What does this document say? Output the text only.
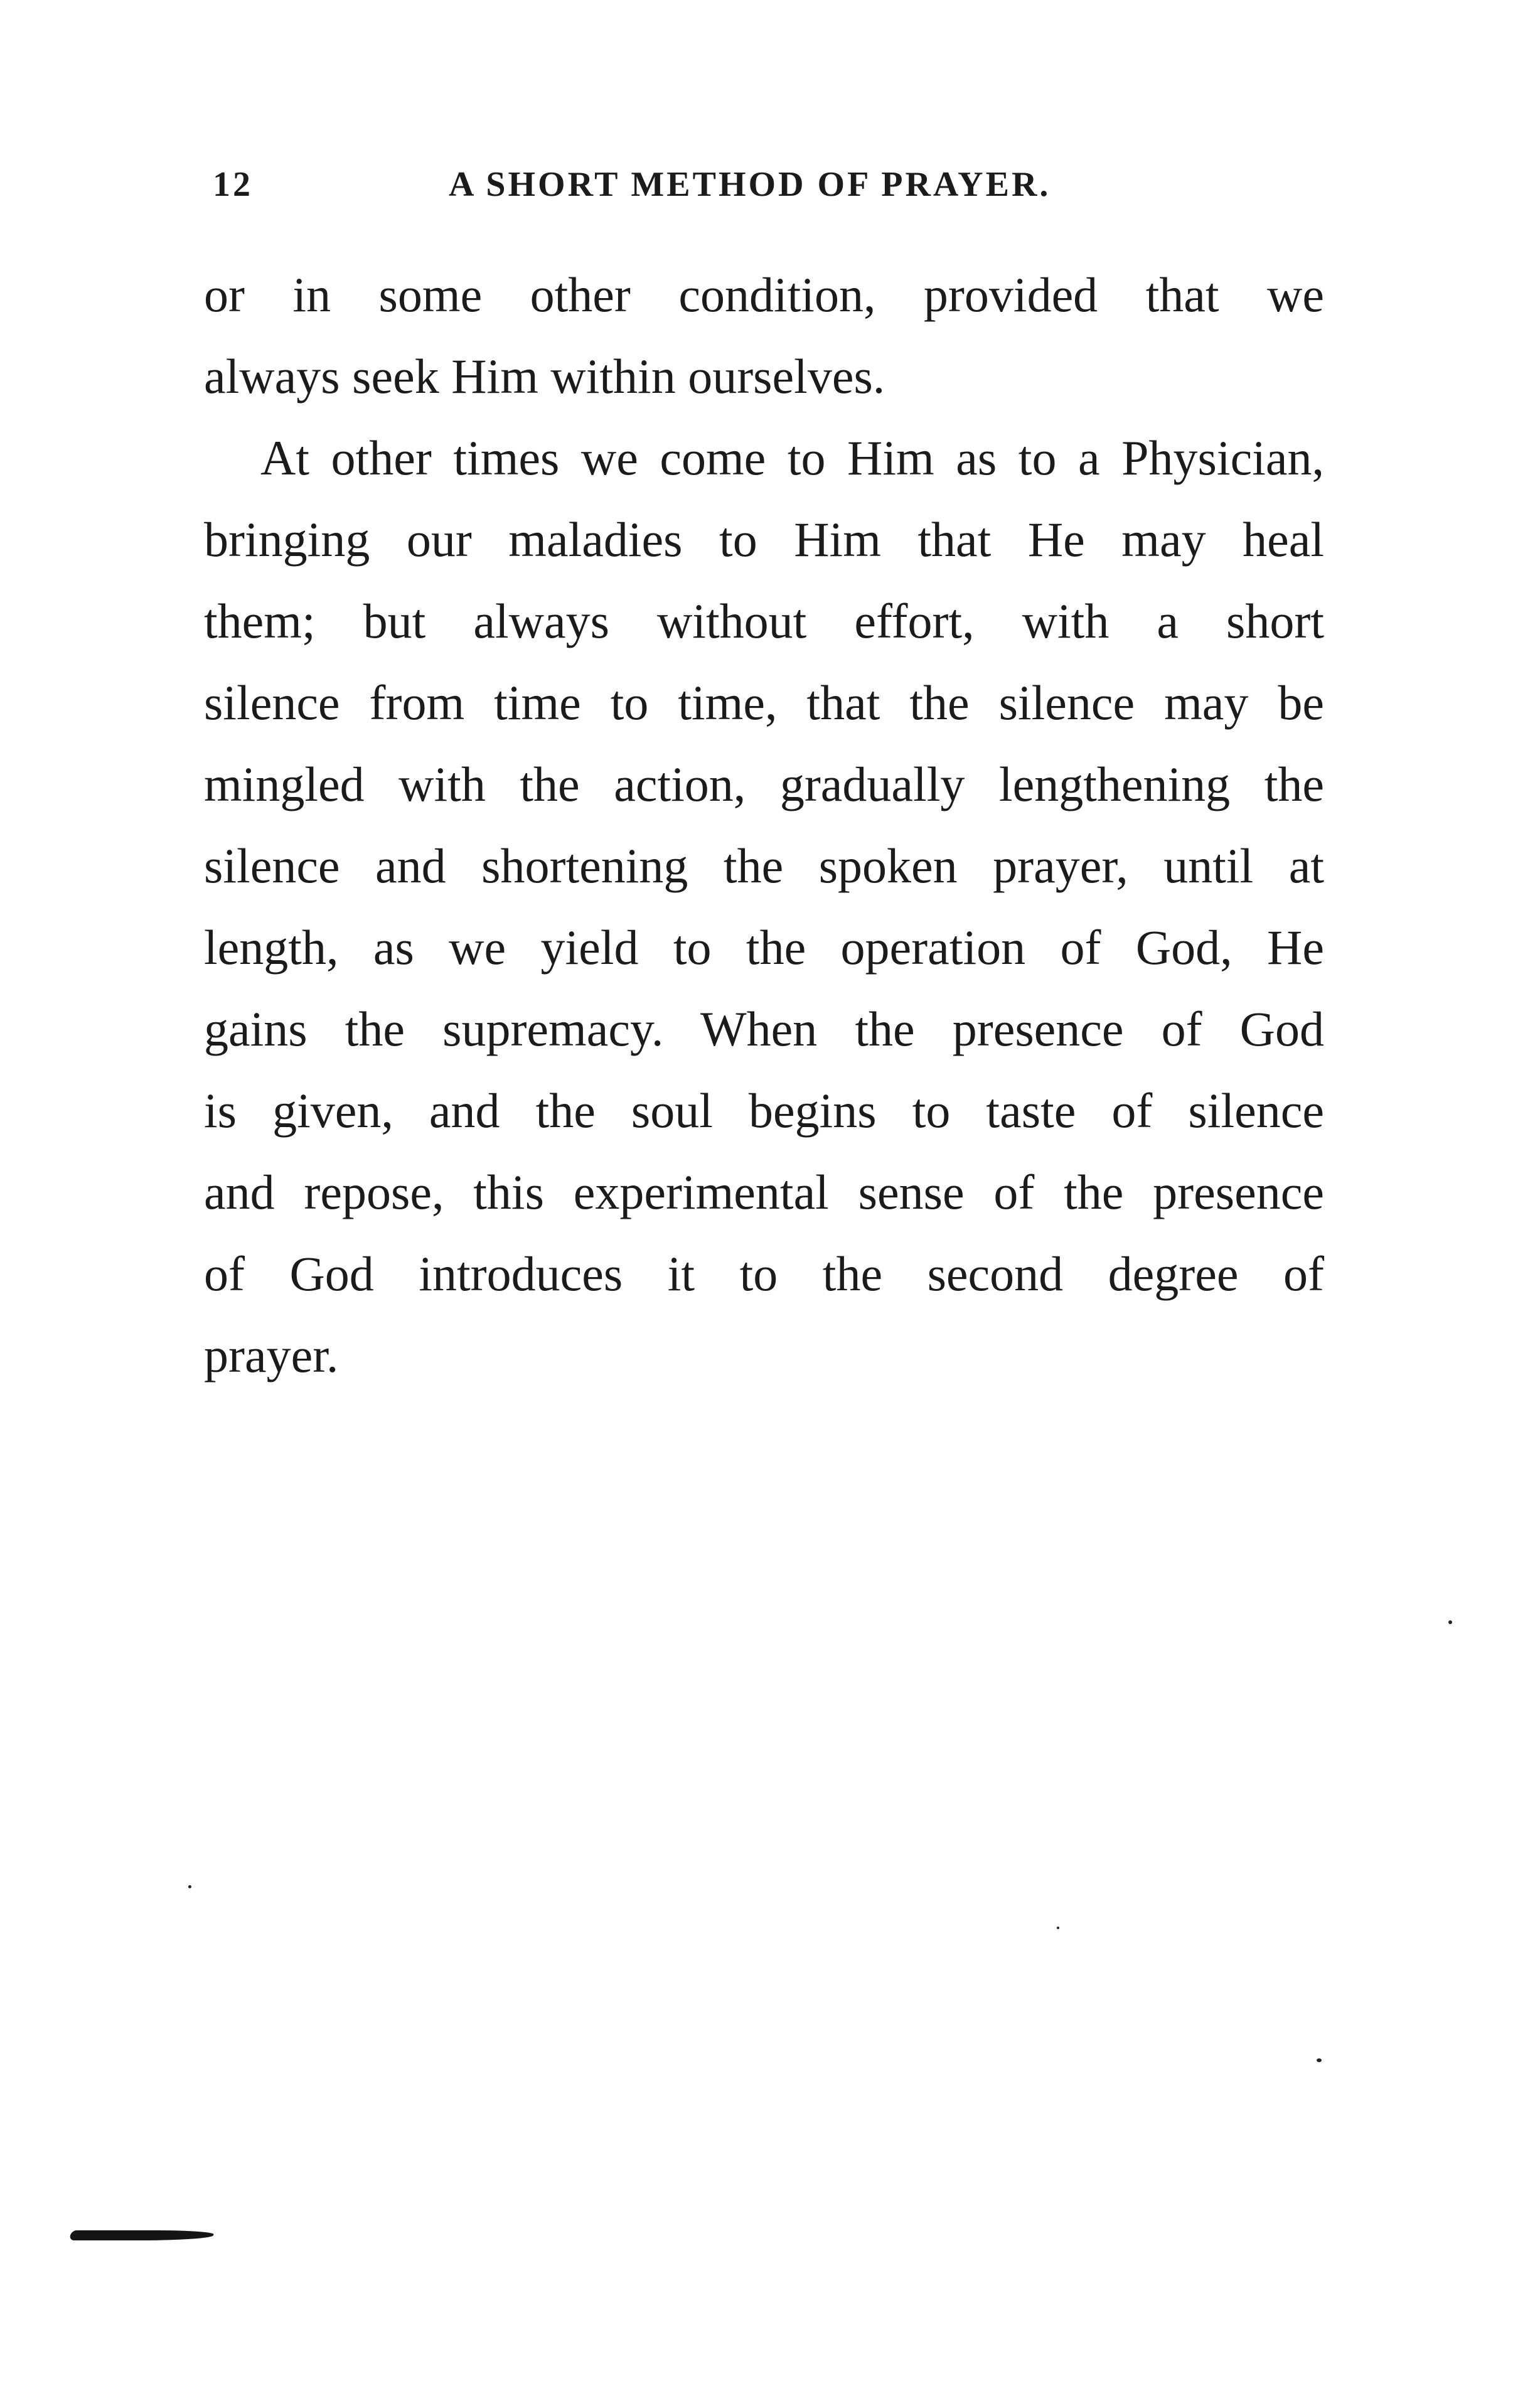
12	A SHORT METHOD OF PRAYER.
or in some other condition, provided that we
always seek Him within ourselves.
At other times we come to Him as to a Physician,
bringing our maladies to Him that He may heal
them; but always without effort, with a short
silence from time to time, that the silence may be
mingled with the action, gradually lengthening the
silence and shortening the spoken prayer, until at
length, as we yield to the operation of God, He
gains the supremacy. When the presence of God
is given, and the soul begins to taste of silence
and repose, this experimental sense of the presence
of God introduces it to the second degree of
prayer.
